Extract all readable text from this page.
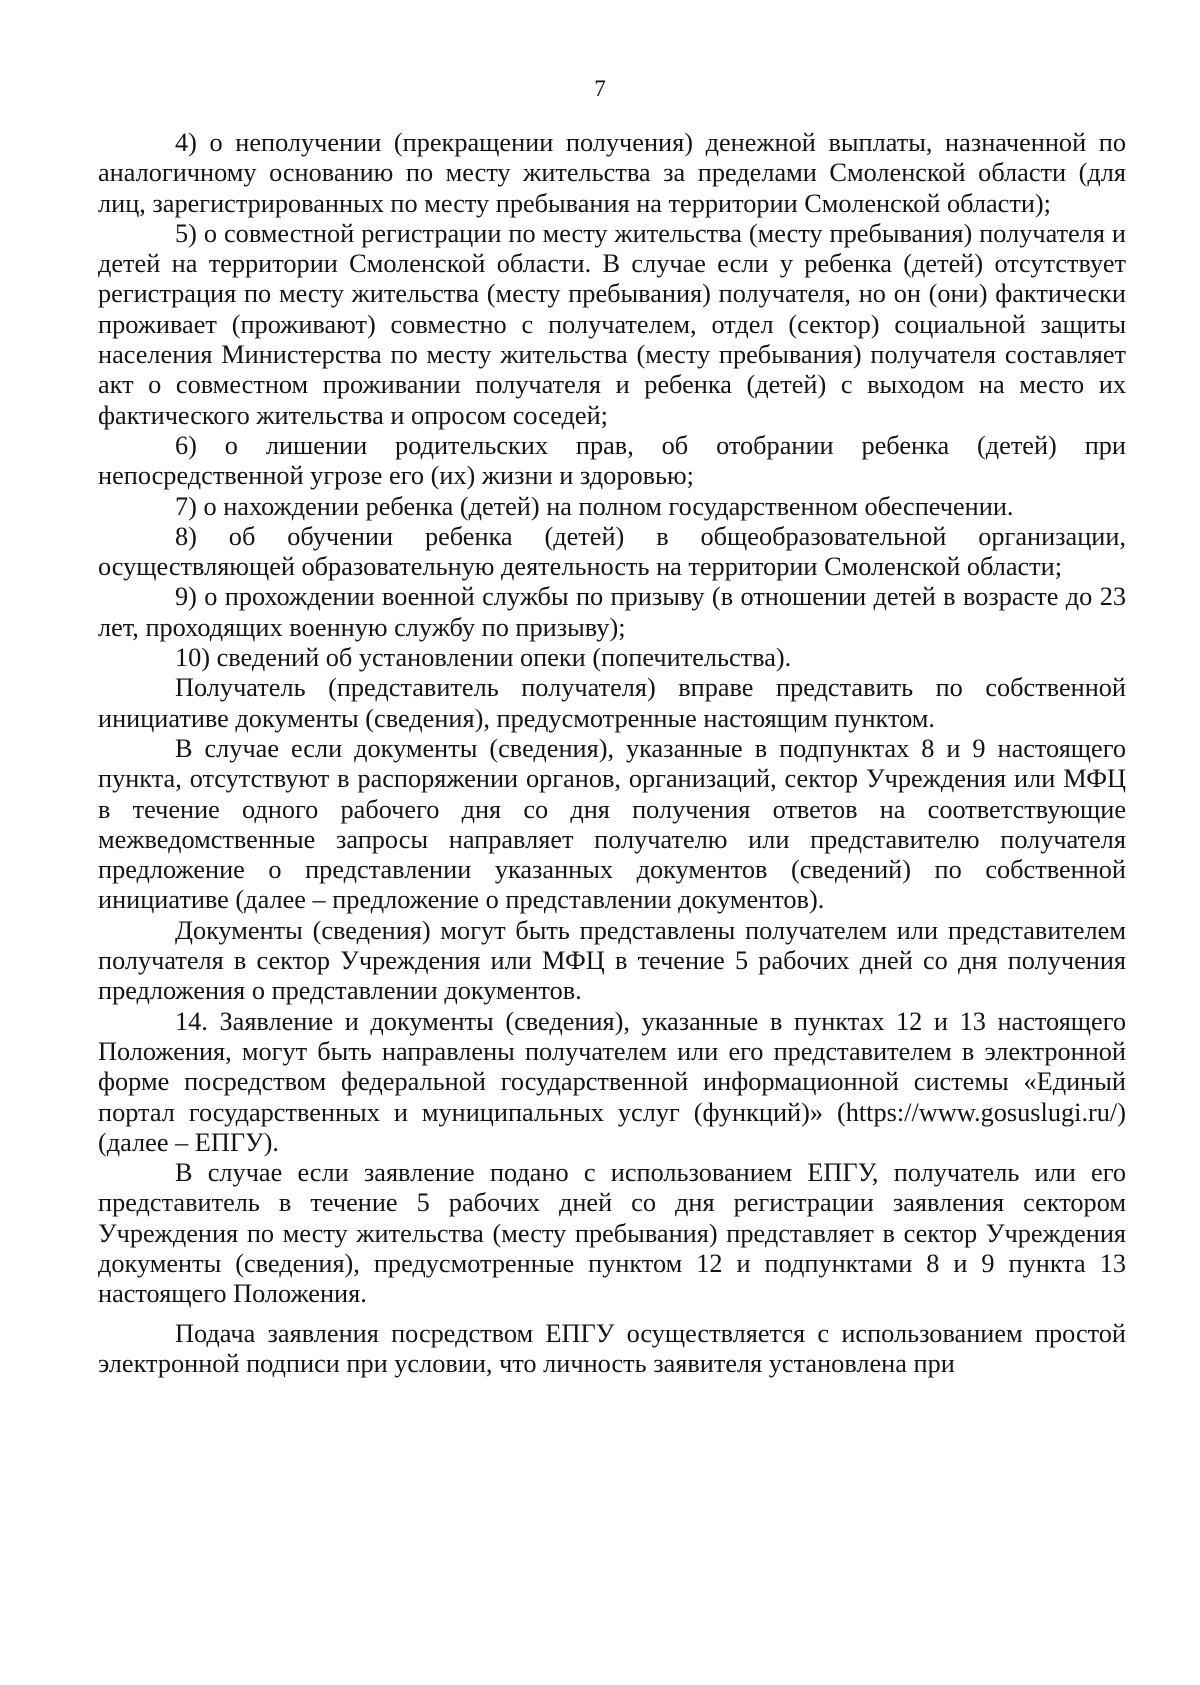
7

4) о неполучении (прекращении получения) денежной выплаты, назначенной по аналогичному основанию по месту жительства за пределами Смоленской области (для лиц, зарегистрированных по месту пребывания на территории Смоленской области);

5) о совместной регистрации по месту жительства (месту пребывания) получателя и детей на территории Смоленской области. В случае если у ребенка (детей) отсутствует регистрация по месту жительства (месту пребывания) получателя, но он (они) фактически проживает (проживают) совместно с получателем, отдел (сектор) социальной защиты населения Министерства по месту жительства (месту пребывания) получателя составляет акт о совместном проживании получателя и ребенка (детей) с выходом на место их фактического жительства и опросом соседей;

6) о лишении родительских прав, об отобрании ребенка (детей) при непосредственной угрозе его (их) жизни и здоровью;

7) о нахождении ребенка (детей) на полном государственном обеспечении.

8) об обучении ребенка (детей) в общеобразовательной организации, осуществляющей образовательную деятельность на территории Смоленской области;

9) о прохождении военной службы по призыву (в отношении детей в возрасте до 23 лет, проходящих военную службу по призыву);

10) сведений об установлении опеки (попечительства).

Получатель (представитель получателя) вправе представить по собственной инициативе документы (сведения), предусмотренные настоящим пунктом.

В случае если документы (сведения), указанные в подпунктах 8 и 9 настоящего пункта, отсутствуют в распоряжении органов, организаций, сектор Учреждения или МФЦ в течение одного рабочего дня со дня получения ответов на соответствующие межведомственные запросы направляет получателю или представителю получателя предложение о представлении указанных документов (сведений) по собственной инициативе (далее – предложение о представлении документов).

Документы (сведения) могут быть представлены получателем или представителем получателя в сектор Учреждения или МФЦ в течение 5 рабочих дней со дня получения предложения о представлении документов.

14. Заявление и документы (сведения), указанные в пунктах 12 и 13 настоящего Положения, могут быть направлены получателем или его представителем в электронной форме посредством федеральной государственной информационной системы «Единый портал государственных и муниципальных услуг (функций)» (https://www.gosuslugi.ru/) (далее – ЕПГУ).

В случае если заявление подано с использованием ЕПГУ, получатель или его представитель в течение 5 рабочих дней со дня регистрации заявления сектором Учреждения по месту жительства (месту пребывания) представляет в сектор Учреждения документы (сведения), предусмотренные пунктом 12 и подпунктами 8 и 9 пункта 13 настоящего Положения.

Подача заявления посредством ЕПГУ осуществляется с использованием простой электронной подписи при условии, что личность заявителя установлена при
